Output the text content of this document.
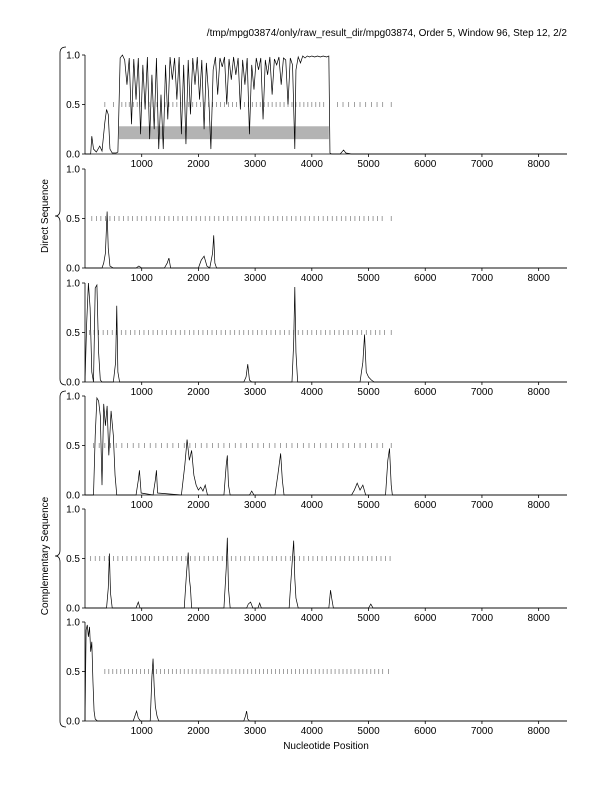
/tmp/mpg03874/only/raw_result_dir/mpg03874, Order 5, Window 96, Step 12, 2/2
0.0
0.5
1.0
1000	2000	3000	4000	5000	6000	7000	8000
0.0
0.5
1.0
1000	2000	3000	4000	5000	6000	7000	8000
0.0
0.5
1.0
1000	2000	3000	4000	5000	6000	7000	8000
0.0
0.5
1.0
1000	2000	3000	4000	5000	6000	7000	8000
0.0
0.5
1.0
1000	2000	3000	4000	5000	6000	7000	8000
0.0
0.5
1.0
1000	2000	3000	4000	5000	6000	7000	8000
Direct Sequence
Complementary Sequence
Nucleotide Position
